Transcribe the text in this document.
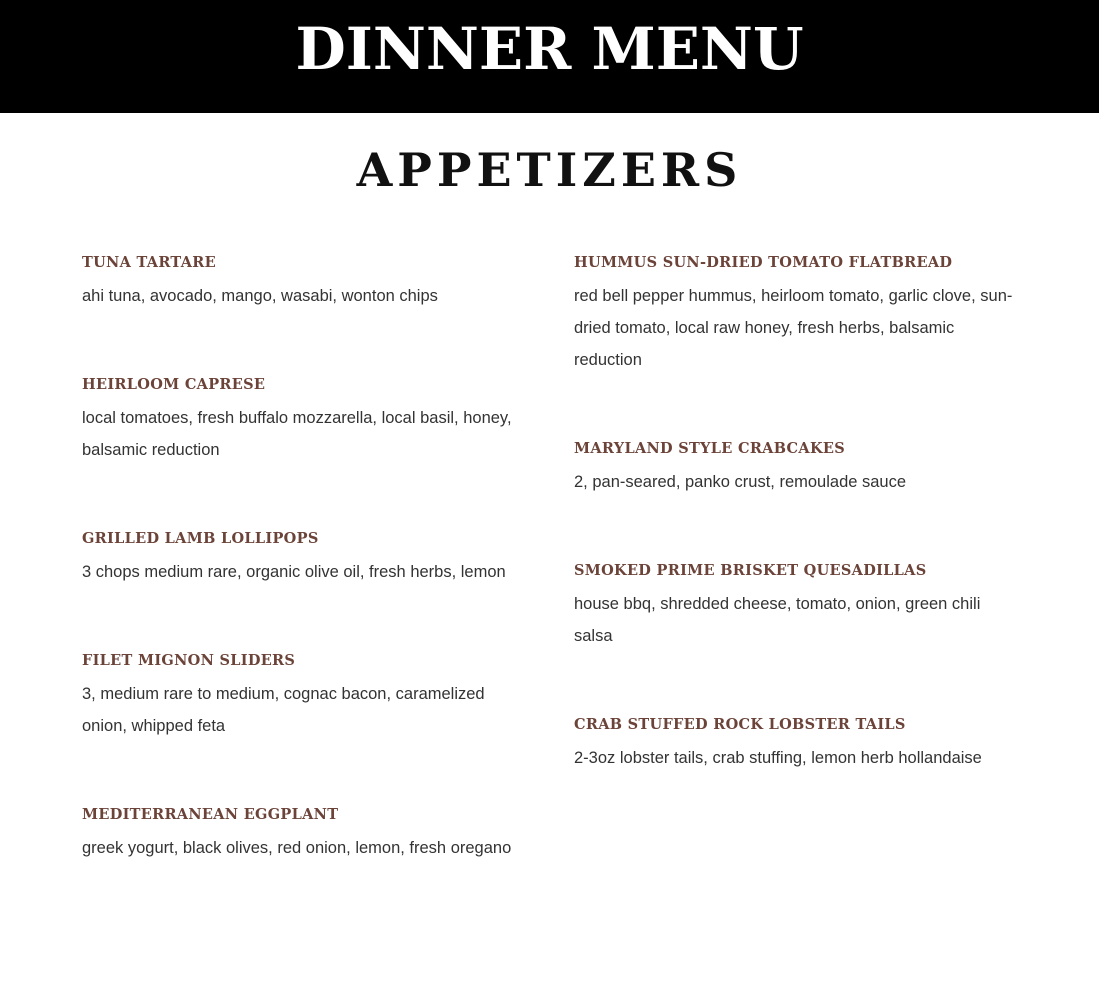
DINNER MENU
APPETIZERS
TUNA TARTARE

ahi tuna, avocado, mango, wasabi, wonton chips

HEIRLOOM CAPRESE

local tomatoes, fresh buffalo mozzarella, local basil, honey, balsamic reduction

GRILLED LAMB LOLLIPOPS

3 chops medium rare, organic olive oil, fresh herbs, lemon

FILET MIGNON SLIDERS

3, medium rare to medium, cognac bacon, caramelized onion, whipped feta

MEDITERRANEAN EGGPLANT

greek yogurt, black olives, red onion, lemon, fresh oregano

HUMMUS SUN-DRIED TOMATO FLATBREAD

red bell pepper hummus, heirloom tomato, garlic clove, sun-dried tomato, local raw honey, fresh herbs, balsamic reduction

MARYLAND STYLE CRABCAKES

2, pan-seared, panko crust, remoulade sauce

SMOKED PRIME BRISKET QUESADILLAS

house bbq, shredded cheese, tomato, onion, green chili salsa

CRAB STUFFED ROCK LOBSTER TAILS

2-3oz lobster tails, crab stuffing, lemon herb hollandaise
